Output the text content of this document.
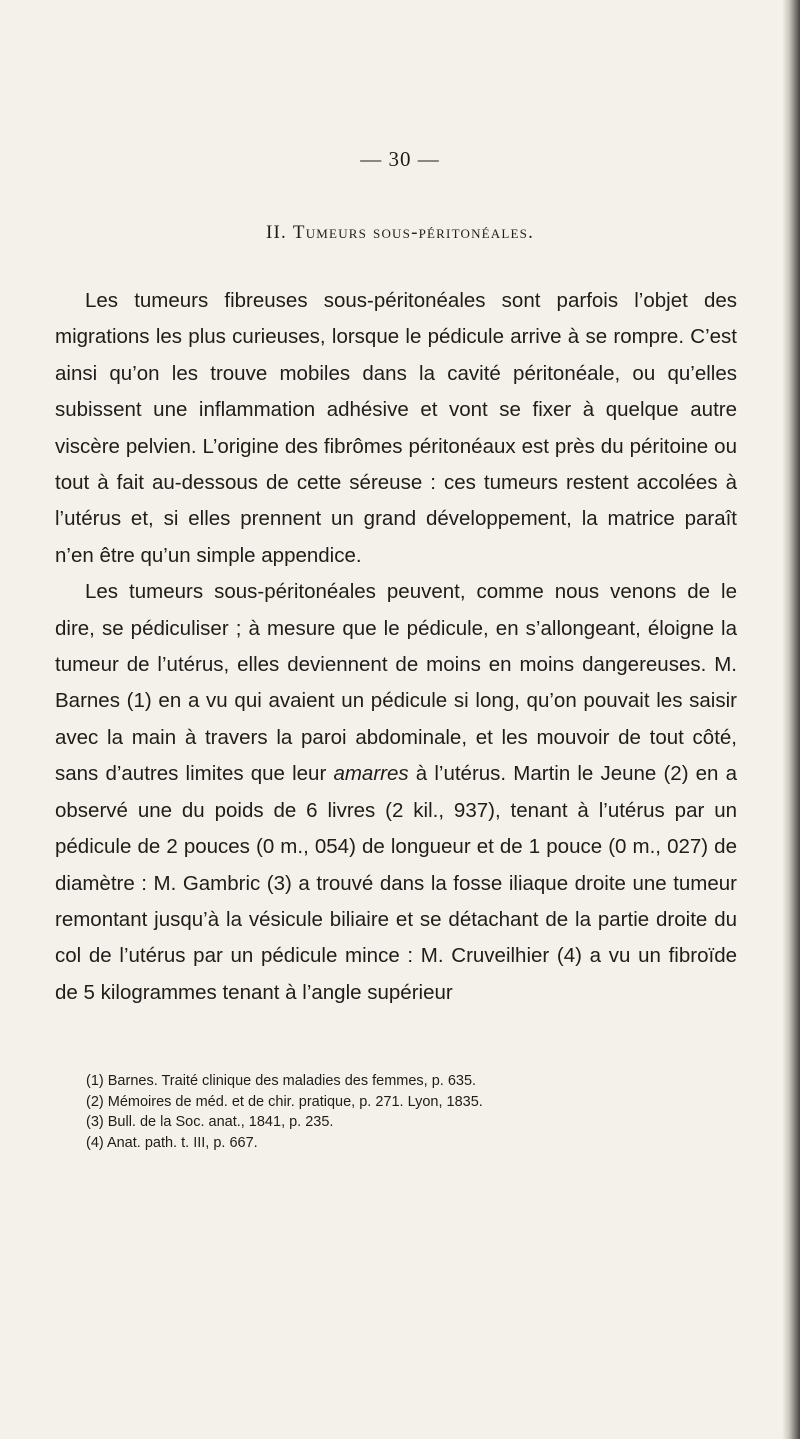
— 30 —
II. Tumeurs sous-péritonéales.

Les tumeurs fibreuses sous-péritonéales sont parfois l’objet des migrations les plus curieuses, lorsque le pédicule arrive à se rompre. C’est ainsi qu’on les trouve mobiles dans la cavité péritonéale, ou qu’elles subissent une inflammation adhésive et vont se fixer à quelque autre viscère pelvien. L’origine des fibrômes péritonéaux est près du péritoine ou tout à fait au-dessous de cette séreuse : ces tumeurs restent accolées à l’utérus et, si elles prennent un grand développement, la matrice paraît n’en être qu’un simple appendice.

Les tumeurs sous-péritonéales peuvent, comme nous venons de le dire, se pédiculiser ; à mesure que le pédicule, en s’allongeant, éloigne la tumeur de l’utérus, elles deviennent de moins en moins dangereuses. M. Barnes (1) en a vu qui avaient un pédicule si long, qu’on pouvait les saisir avec la main à travers la paroi abdominale, et les mouvoir de tout côté, sans d’autres limites que leur amarres à l’utérus. Martin le Jeune (2) en a observé une du poids de 6 livres (2 kil., 937), tenant à l’utérus par un pédicule de 2 pouces (0 m., 054) de longueur et de 1 pouce (0 m., 027) de diamètre : M. Gambric (3) a trouvé dans la fosse iliaque droite une tumeur remontant jusqu’à la vésicule biliaire et se détachant de la partie droite du col de l’utérus par un pédicule mince : M. Cruveilhier (4) a vu un fibroïde de 5 kilogrammes tenant à l’angle supérieur

(1) Barnes. Traité clinique des maladies des femmes, p. 635.
(2) Mémoires de méd. et de chir. pratique, p. 271. Lyon, 1835.
(3) Bull. de la Soc. anat., 1841, p. 235.
(4) Anat. path. t. III, p. 667.
